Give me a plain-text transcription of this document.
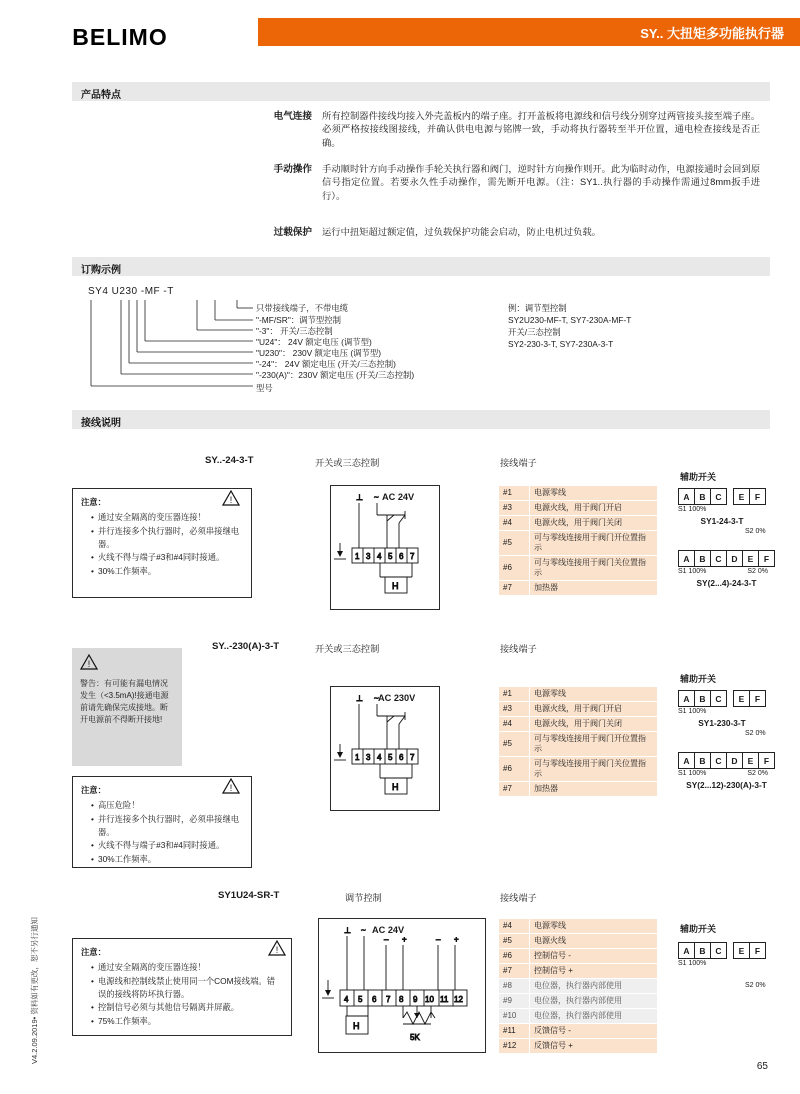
BELIMO	SY.. 大扭矩多功能执行器
产品特点
电气连接 所有控制器件接线均接入外壳盖板内的端子座。打开盖板将电源线和信号线分别穿过两管接头接至端子座。必须严格按接线图接线，并确认供电电源与铭牌一致，手动将执行器转至半开位置，通电检查接线是否正确。
手动操作 手动顺时针方向手动操作手轮关执行器和阀门，逆时针方向操作则开。此为临时动作，电源接通时会回到原信号指定位置。若要永久性手动操作，需先断开电源。（注：SY1..执行器的手动操作需通过8mm扳手进行）。
过载保护 运行中扭矩超过额定值，过负载保护功能会启动，防止电机过负载。
订购示例
SY4 U230 -MF -T
只带接线端子，不带电缆
"-MF/SR"：调节型控制
"-3"： 开关/三态控制
"U24"： 24V 额定电压 (调节型)
"U230"： 230V 额定电压 (调节型)
"-24"： 24V 额定电压 (开关/三态控制)
"-230(A)"：230V 额定电压 (开关/三态控制)
型号
例：调节型控制
SY2U230-MF-T, SY7-230A-MF-T
开关/三态控制
SY2-230-3-T, SY7-230A-3-T
接线说明
SY..-24-3-T	开关或三态控制	接线端子
辅助开关
注意：
• 通过安全隔离的变压器连接！
• 并行连接多个执行器时，必须串接继电器。
• 火线不得与端子#3和#4同时接通。
• 30%工作频率。
!	AC 24V
⊥ ~
1 3 4 5 6 7
H
#1	电源零线
#3	电源火线，用于阀门开启
#4	电源火线，用于阀门关闭
#5	可与零线连接用于阀门开位置指示
#6	可与零线连接用于阀门关位置指示
#7	加热器
A	B	C	E	F
S1 100%
SY1-24-3-T
A	B	C	D	E	F
S1 100%	S2 0%
SY(2...4)-24-3-T
S2 0%
SY..-230(A)-3-T	开关或三态控制	接线端子
辅助开关
!
警告：有可能有漏电情况发生（<3.5mA)!接通电源前请先确保完成接地。断开电源前不得断开接地!
注意：
• 高压危险！
• 并行连接多个执行器时，必须串接继电器。
• 火线不得与端子#3和#4同时接通。
• 30%工作频率。
!
AC 230V
⊥ ~
1 3 4 5 6 7
H
#1	电源零线
#3	电源火线，用于阀门开启
#4	电源火线，用于阀门关闭
#5	可与零线连接用于阀门开位置指示
#6	可与零线连接用于阀门关位置指示
#7	加热器
A	B	C	E	F
S1 100%
SY1-230-3-T
S2 0%
A	B	C	D	E	F
S1 100%	S2 0%
SY(2...12)-230(A)-3-T
SY1U24-SR-T	调节控制	接线端子
辅助开关
注意：
• 通过安全隔离的变压器连接！
• 电源线和控制线禁止使用同一个COM接线端。错误的接线将防坏执行器。
• 控制信号必须与其他信号隔离并屏蔽。
• 75%工作频率。
!
AC 24V
⊥ ~
– +	– +
4 5 6 7 8 9 10 11 12
H
5K
#4	电源零线
#5	电源火线
#6	控制信号 -
#7	控制信号 +
#8	电位器，执行器内部使用
#9	电位器，执行器内部使用
#10	电位器，执行器内部使用
#11	反馈信号 -
#12	反馈信号 +
A	B	C	E	F
S1 100%
S2 0%
V4.2.09.2019• 资料如有更改，恕不另行通知
65
